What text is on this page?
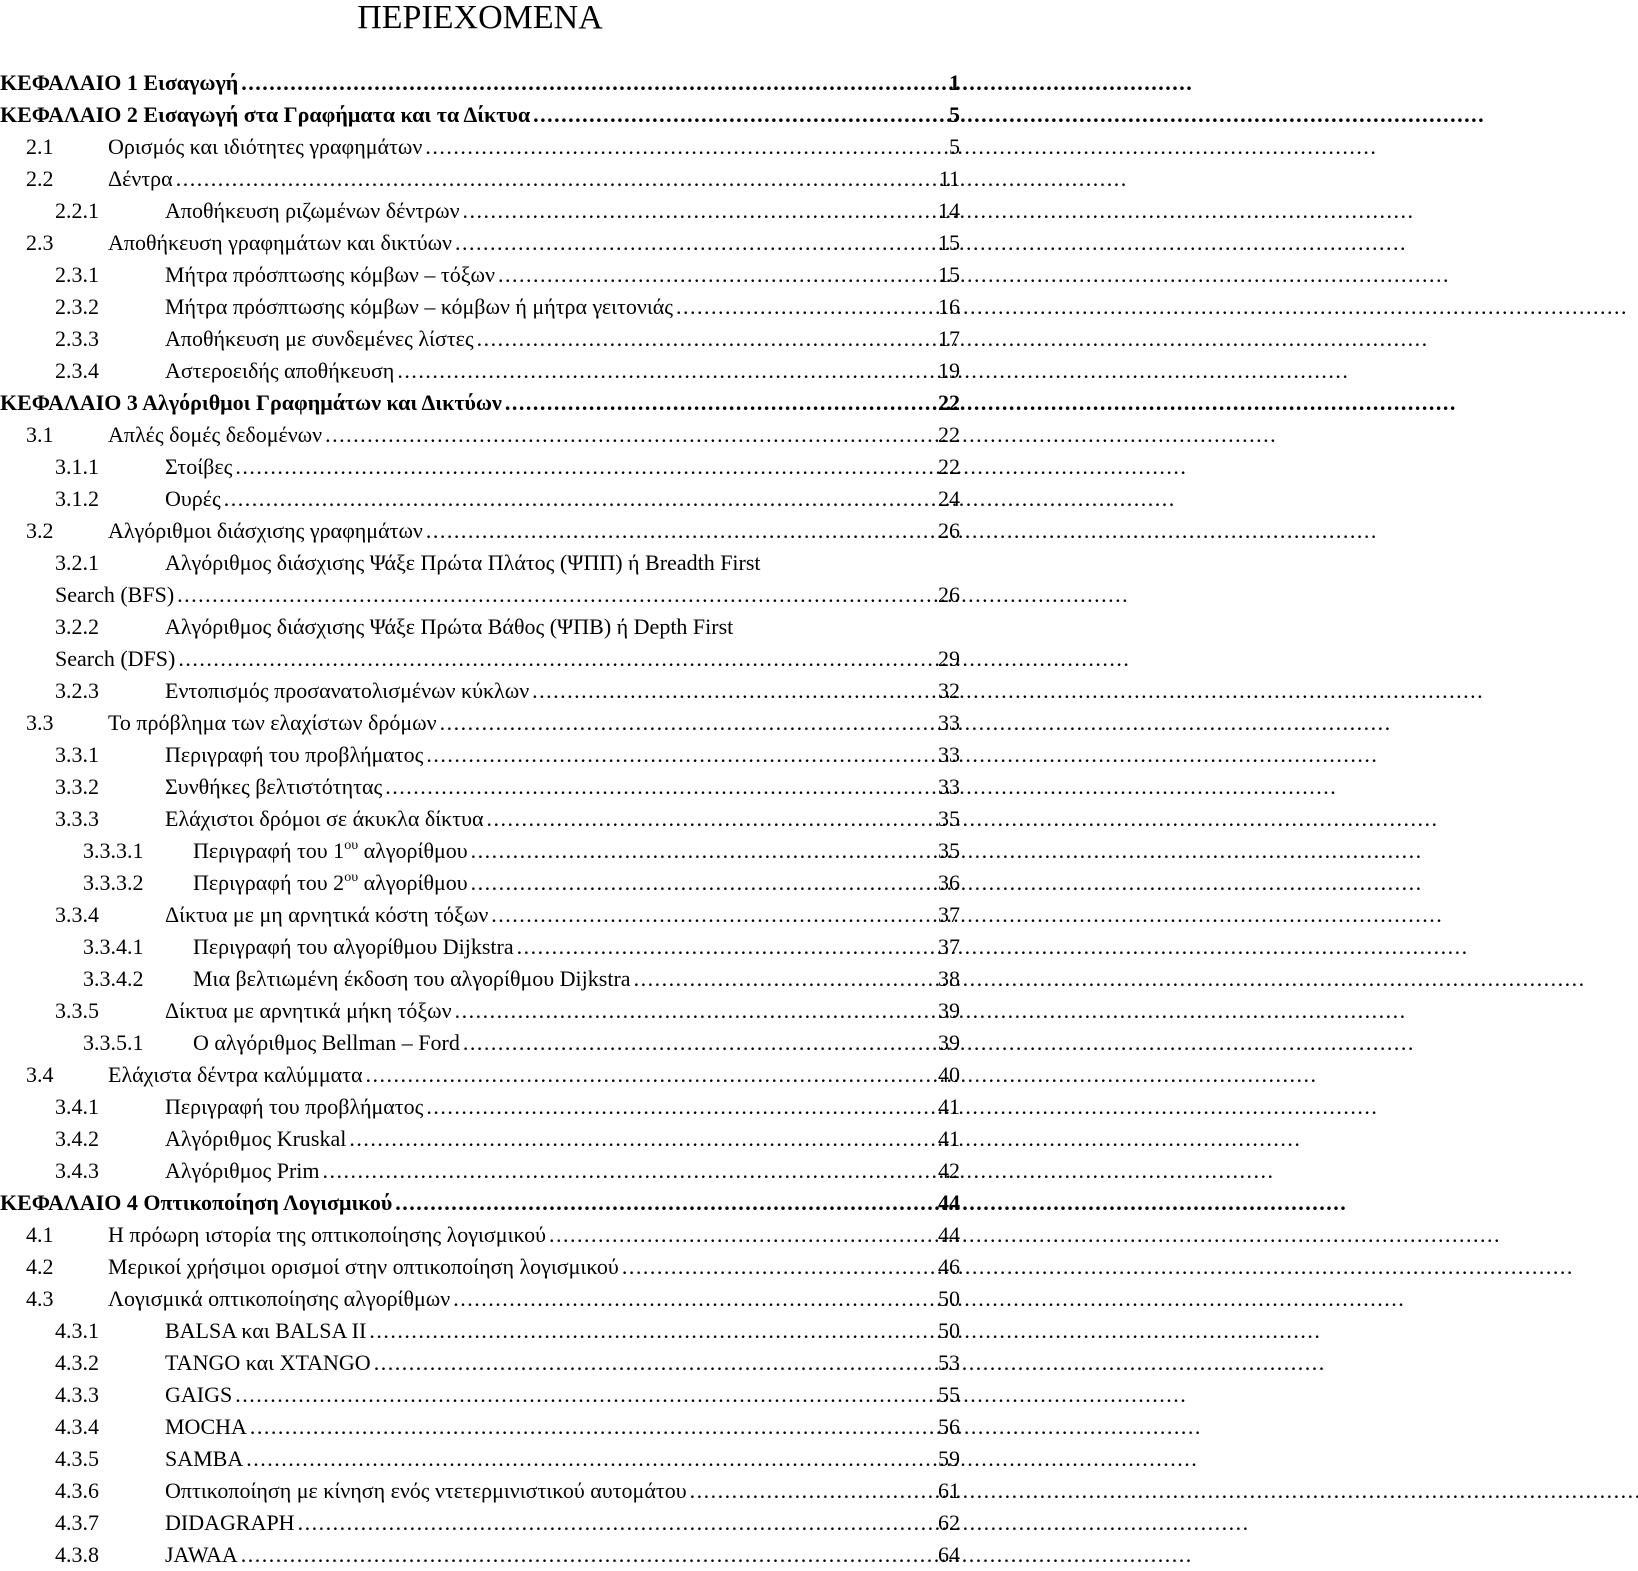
ΠΕΡΙΕΧΟΜΕΝΑ
ΚΕΦΑΛΑΙΟ 1 Εισαγωγή . . .	1
ΚΕΦΑΛΑΙΟ 2 Εισαγωγή στα Γραφήματα και τα Δίκτυα . . .	5
2.1	Ορισμός και ιδιότητες γραφημάτων . . .	5
2.2	Δέντρα . . .	11
2.2.1	Αποθήκευση ριζωμένων δέντρων . . .	14
2.3	Αποθήκευση γραφημάτων και δικτύων . . .	15
2.3.1	Μήτρα πρόσπτωσης κόμβων – τόξων . . .	15
2.3.2	Μήτρα πρόσπτωσης κόμβων – κόμβων ή μήτρα γειτονιάς . . .	16
2.3.3	Αποθήκευση με συνδεμένες λίστες . . .	17
2.3.4	Αστεροειδής αποθήκευση . . .	19
ΚΕΦΑΛΑΙΟ 3 Αλγόριθμοι Γραφημάτων και Δικτύων . . .	22
3.1	Απλές δομές δεδομένων . . .	22
3.1.1	Στοίβες . . .	22
3.1.2	Ουρές . . .	24
3.2	Αλγόριθμοι διάσχισης γραφημάτων . . .	26
3.2.1	Αλγόριθμος διάσχισης Ψάξε Πρώτα Πλάτος (ΨΠΠ) ή Breadth First
Search (BFS) . . .	26
3.2.2	Αλγόριθμος διάσχισης Ψάξε Πρώτα Βάθος (ΨΠΒ) ή Depth First
Search (DFS) . . .	29
3.2.3	Εντοπισμός προσανατολισμένων κύκλων . . .	32
3.3	Το πρόβλημα των ελαχίστων δρόμων . . .	33
3.3.1	Περιγραφή του προβλήματος . . .	33
3.3.2	Συνθήκες βελτιστότητας . . .	33
3.3.3	Ελάχιστοι δρόμοι σε άκυκλα δίκτυα . . .	35
3.3.3.1	Περιγραφή του 1 ου αλγορίθμου . . .	35
3.3.3.2	Περιγραφή του 2 ου αλγορίθμου . . .	36
3.3.4	Δίκτυα με μη αρνητικά κόστη τόξων . . .	37
3.3.4.1	Περιγραφή του αλγορίθμου Dijkstra . . .	37
3.3.4.2	Μια βελτιωμένη έκδοση του αλγορίθμου Dijkstra . . .	38
3.3.5	Δίκτυα με αρνητικά μήκη τόξων . . .	39
3.3.5.1	Ο αλγόριθμος Bellman – Ford . . .	39
3.4	Ελάχιστα δέντρα καλύμματα . . .	40
3.4.1	Περιγραφή του προβλήματος . . .	41
3.4.2	Αλγόριθμος Kruskal . . .	41
3.4.3	Αλγόριθμος Prim . . .	42
ΚΕΦΑΛΑΙΟ 4 Οπτικοποίηση Λογισμικού . . .	44
4.1	Η πρόωρη ιστορία της οπτικοποίησης λογισμικού . . .	44
4.2	Μερικοί χρήσιμοι ορισμοί στην οπτικοποίηση λογισμικού . . .	46
4.3	Λογισμικά οπτικοποίησης αλγορίθμων . . .	50
4.3.1	BALSA και BALSA II . . .	50
4.3.2	TANGO και XTANGO . . .	53
4.3.3	GAIGS . . .	55
4.3.4	MOCHA . . .	56
4.3.5	SAMBA . . .	59
4.3.6	Οπτικοποίηση με κίνηση ενός ντετερμινιστικού αυτομάτου . . .	61
4.3.7	DIDAGRAPH . . .	62
4.3.8	JAWAA . . .	64
